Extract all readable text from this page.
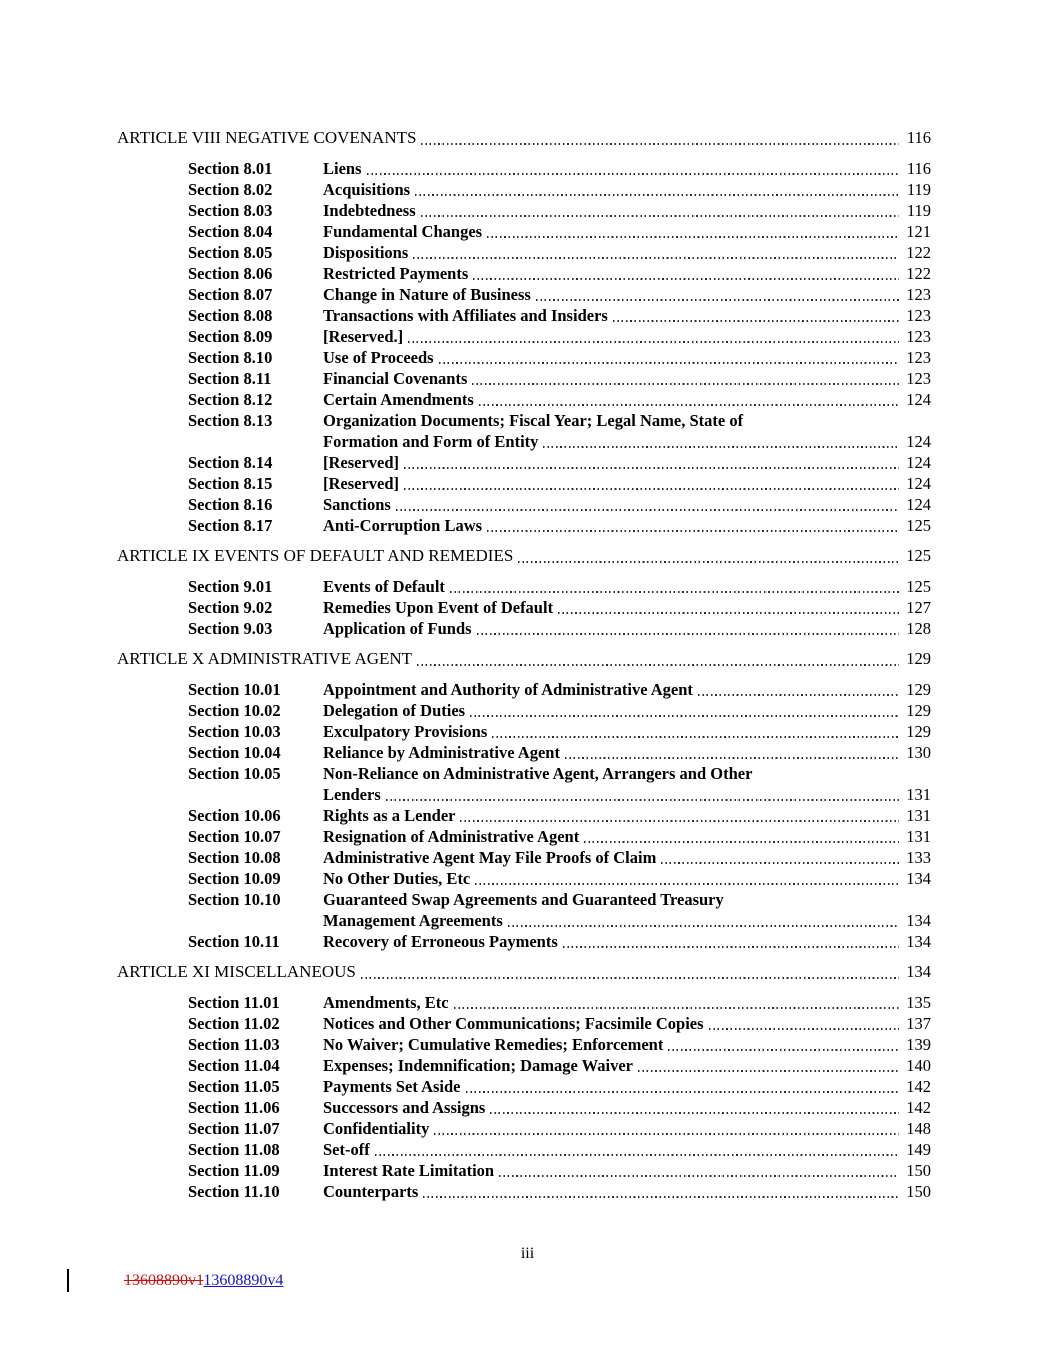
ARTICLE VIII NEGATIVE COVENANTS	116
Section 8.01	Liens	116
Section 8.02	Acquisitions	119
Section 8.03	Indebtedness	119
Section 8.04	Fundamental Changes	121
Section 8.05	Dispositions	122
Section 8.06	Restricted Payments	122
Section 8.07	Change in Nature of Business	123
Section 8.08	Transactions with Affiliates and Insiders	123
Section 8.09	[Reserved.]	123
Section 8.10	Use of Proceeds	123
Section 8.11	Financial Covenants	123
Section 8.12	Certain Amendments	124
Section 8.13	Organization Documents; Fiscal Year; Legal Name, State of
Formation and Form of Entity	124
Section 8.14	[Reserved]	124
Section 8.15	[Reserved]	124
Section 8.16	Sanctions	124
Section 8.17	Anti-Corruption Laws	125
ARTICLE IX EVENTS OF DEFAULT AND REMEDIES	125
Section 9.01	Events of Default	125
Section 9.02	Remedies Upon Event of Default	127
Section 9.03	Application of Funds	128
ARTICLE X ADMINISTRATIVE AGENT	129
Section 10.01	Appointment and Authority of Administrative Agent	129
Section 10.02	Delegation of Duties	129
Section 10.03	Exculpatory Provisions	129
Section 10.04	Reliance by Administrative Agent	130
Section 10.05	Non-Reliance on Administrative Agent, Arrangers and Other
Lenders	131
Section 10.06	Rights as a Lender	131
Section 10.07	Resignation of Administrative Agent	131
Section 10.08	Administrative Agent May File Proofs of Claim	133
Section 10.09	No Other Duties, Etc	134
Section 10.10	Guaranteed Swap Agreements and Guaranteed Treasury
Management Agreements	134
Section 10.11	Recovery of Erroneous Payments	134
ARTICLE XI MISCELLANEOUS	134
Section 11.01	Amendments, Etc	135
Section 11.02	Notices and Other Communications; Facsimile Copies	137
Section 11.03	No Waiver; Cumulative Remedies; Enforcement	139
Section 11.04	Expenses; Indemnification; Damage Waiver	140
Section 11.05	Payments Set Aside	142
Section 11.06	Successors and Assigns	142
Section 11.07	Confidentiality	148
Section 11.08	Set-off	149
Section 11.09	Interest Rate Limitation	150
Section 11.10	Counterparts	150
iii
13608890v113608890v4
